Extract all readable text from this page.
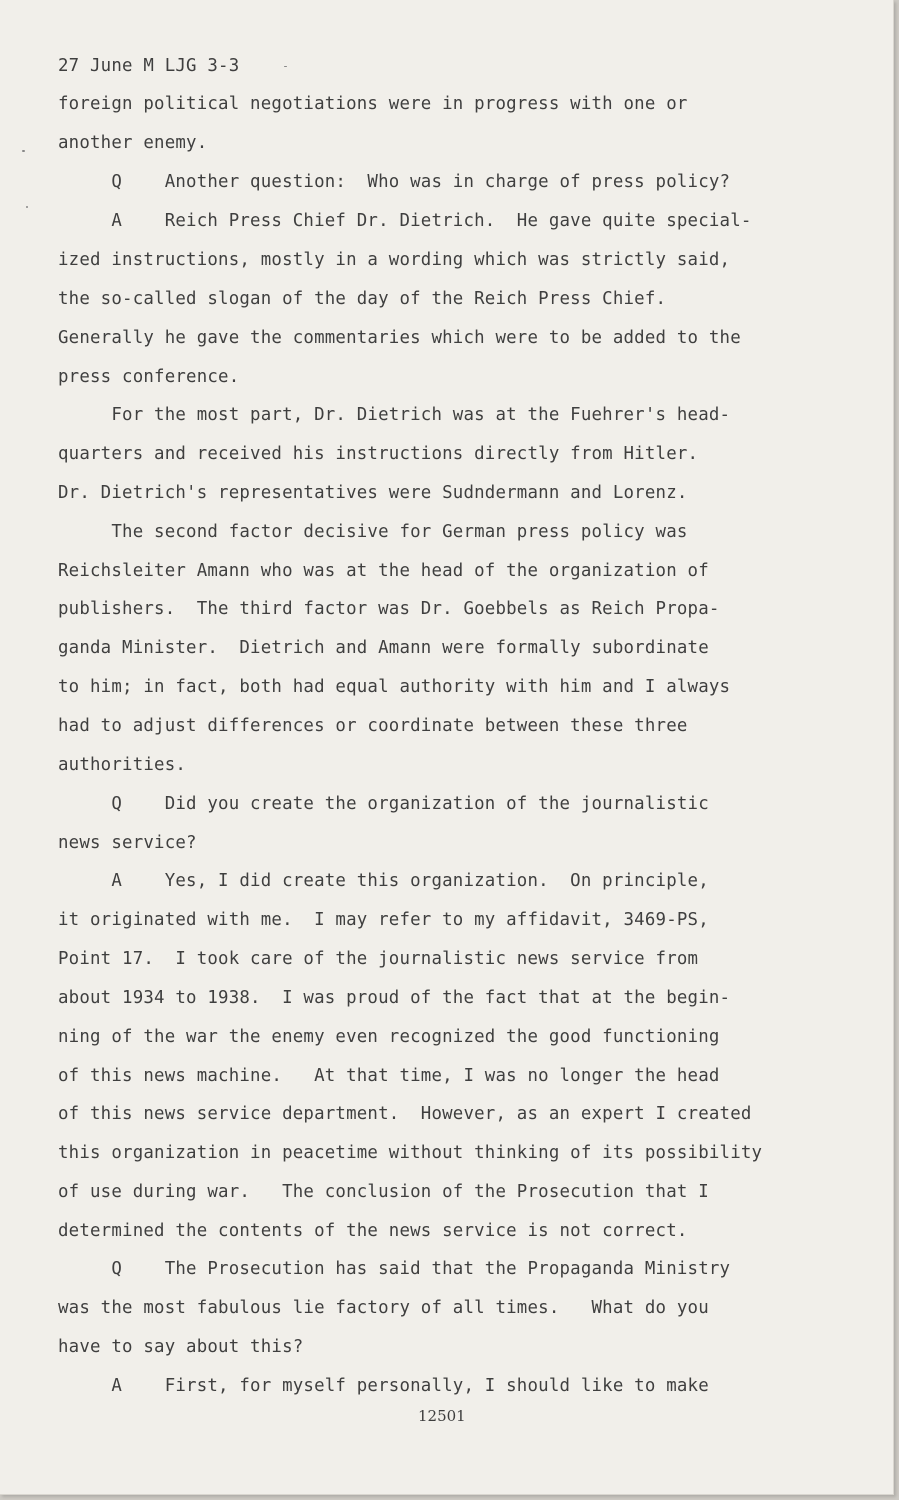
27 June M LJG 3-3
foreign political negotiations were in progress with one or
another enemy.
Q    Another question:  Who was in charge of press policy?
A    Reich Press Chief Dr. Dietrich.  He gave quite special-
ized instructions, mostly in a wording which was strictly said,
the so-called slogan of the day of the Reich Press Chief.
Generally he gave the commentaries which were to be added to the
press conference.
For the most part, Dr. Dietrich was at the Fuehrer's head-
quarters and received his instructions directly from Hitler.
Dr. Dietrich's representatives were Sudndermann and Lorenz.
The second factor decisive for German press policy was
Reichsleiter Amann who was at the head of the organization of
publishers.  The third factor was Dr. Goebbels as Reich Propa-
ganda Minister.  Dietrich and Amann were formally subordinate
to him; in fact, both had equal authority with him and I always
had to adjust differences or coordinate between these three
authorities.
Q    Did you create the organization of the journalistic
news service?
A    Yes, I did create this organization.  On principle,
it originated with me.  I may refer to my affidavit, 3469-PS,
Point 17.  I took care of the journalistic news service from
about 1934 to 1938.  I was proud of the fact that at the begin-
ning of the war the enemy even recognized the good functioning
of this news machine.   At that time, I was no longer the head
of this news service department.  However, as an expert I created
this organization in peacetime without thinking of its possibility
of use during war.   The conclusion of the Prosecution that I
determined the contents of the news service is not correct.
Q    The Prosecution has said that the Propaganda Ministry
was the most fabulous lie factory of all times.   What do you
have to say about this?
A    First, for myself personally, I should like to make
12501
